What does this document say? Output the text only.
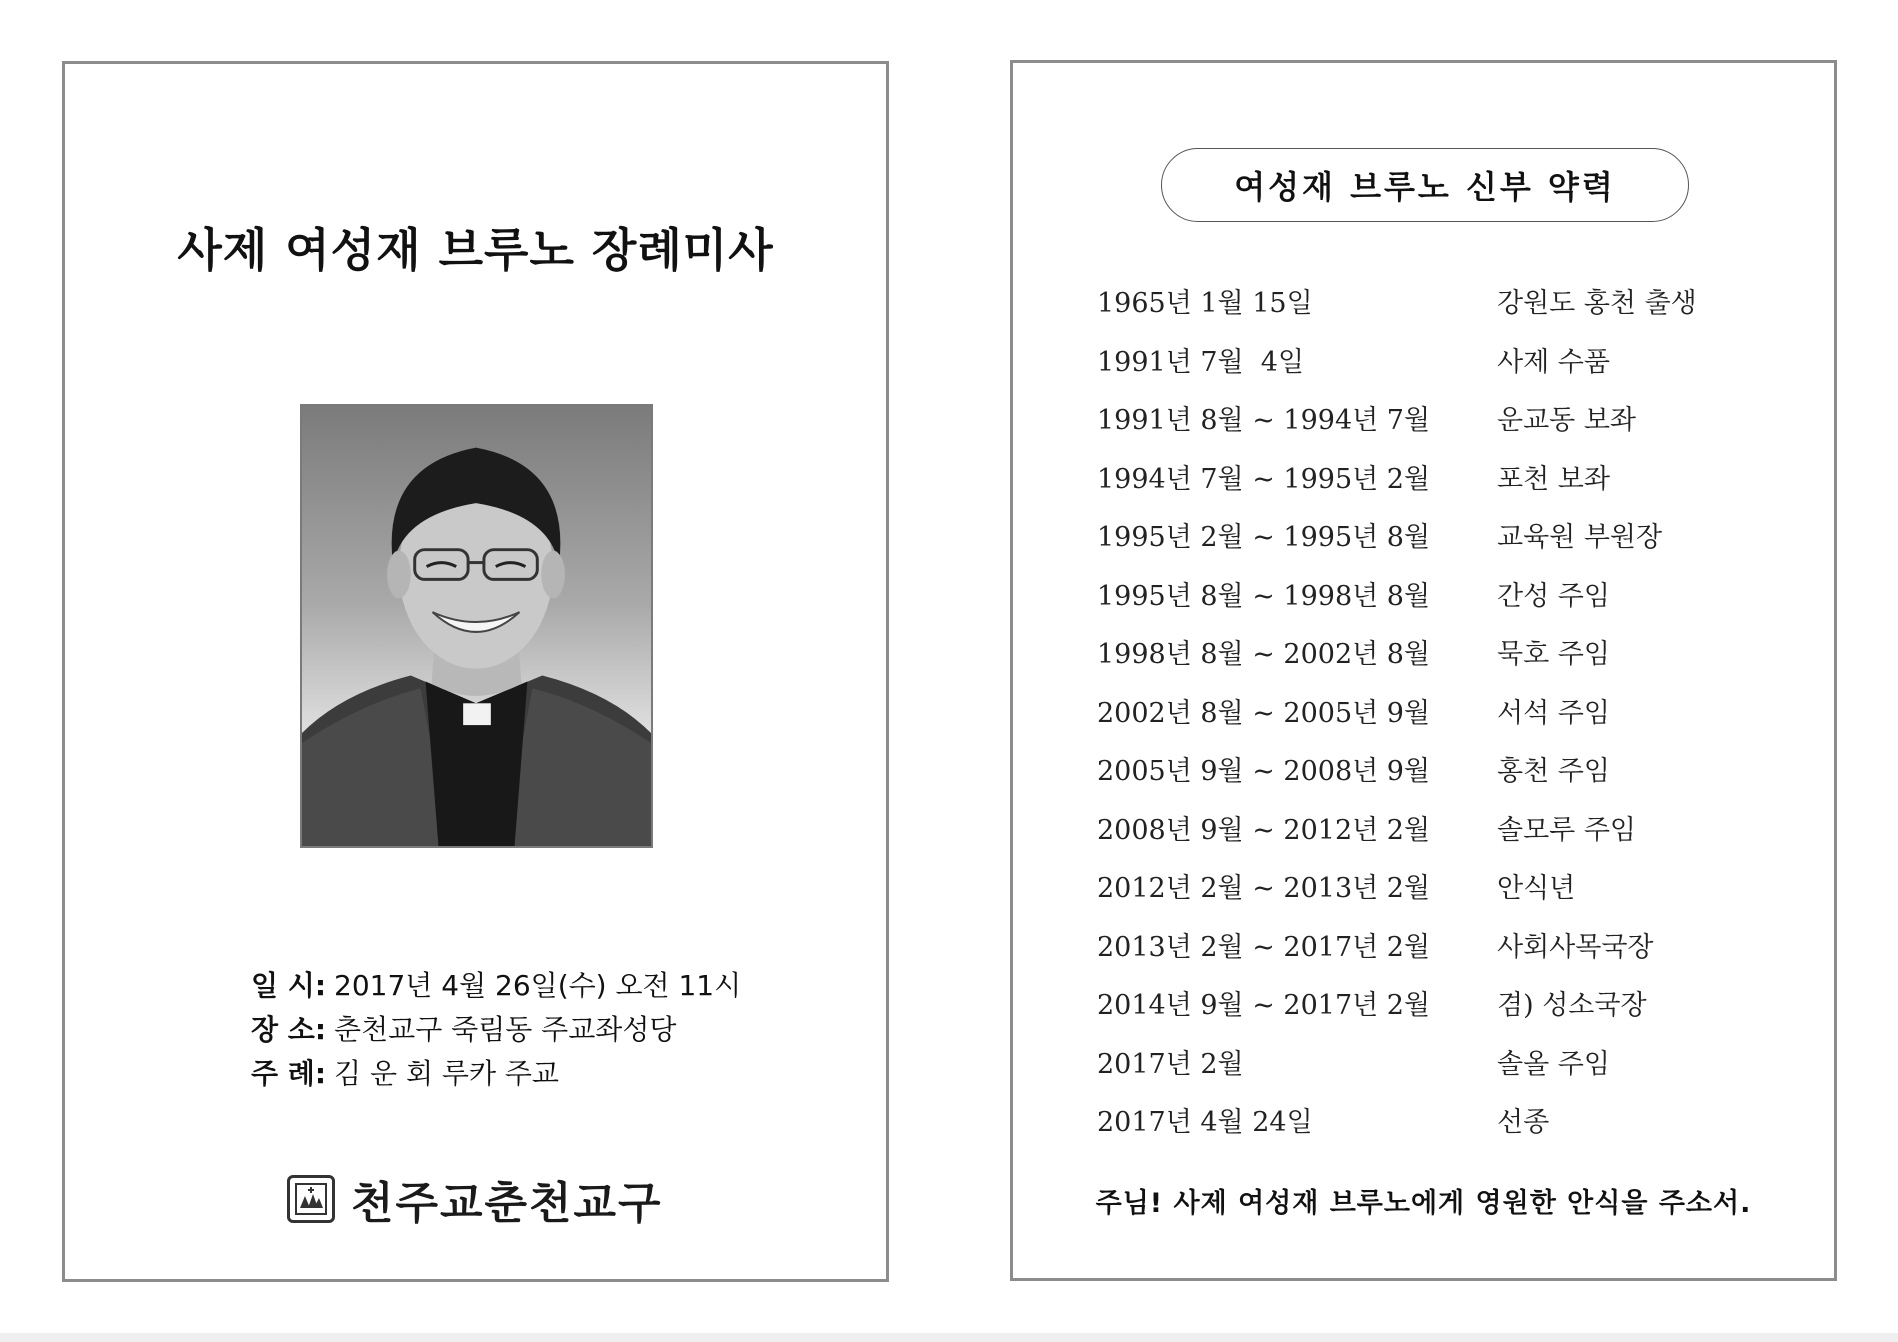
사제 여성재 브루노 장례미사
일 시: 2017년 4월 26일(수) 오전 11시
장 소: 춘천교구 죽림동 주교좌성당
주 례: 김 운 회 루카 주교
천주교춘천교구
여성재 브루노 신부 약력
1965년 1월 15일	강원도 홍천 출생
1991년 7월  4일	사제 수품
1991년 8월 ~ 1994년 7월 운교동 보좌
1994년 7월 ~ 1995년 2월 포천 보좌
1995년 2월 ~ 1995년 8월 교육원 부원장
1995년 8월 ~ 1998년 8월 간성 주임
1998년 8월 ~ 2002년 8월 묵호 주임
2002년 8월 ~ 2005년 9월 서석 주임
2005년 9월 ~ 2008년 9월 홍천 주임
2008년 9월 ~ 2012년 2월 솔모루 주임
2012년 2월 ~ 2013년 2월 안식년
2013년 2월 ~ 2017년 2월 사회사목국장
2014년 9월 ~ 2017년 2월 겸) 성소국장
2017년 2월	솔올 주임
2017년 4월 24일	선종
주님! 사제 여성재 브루노에게 영원한 안식을 주소서.
